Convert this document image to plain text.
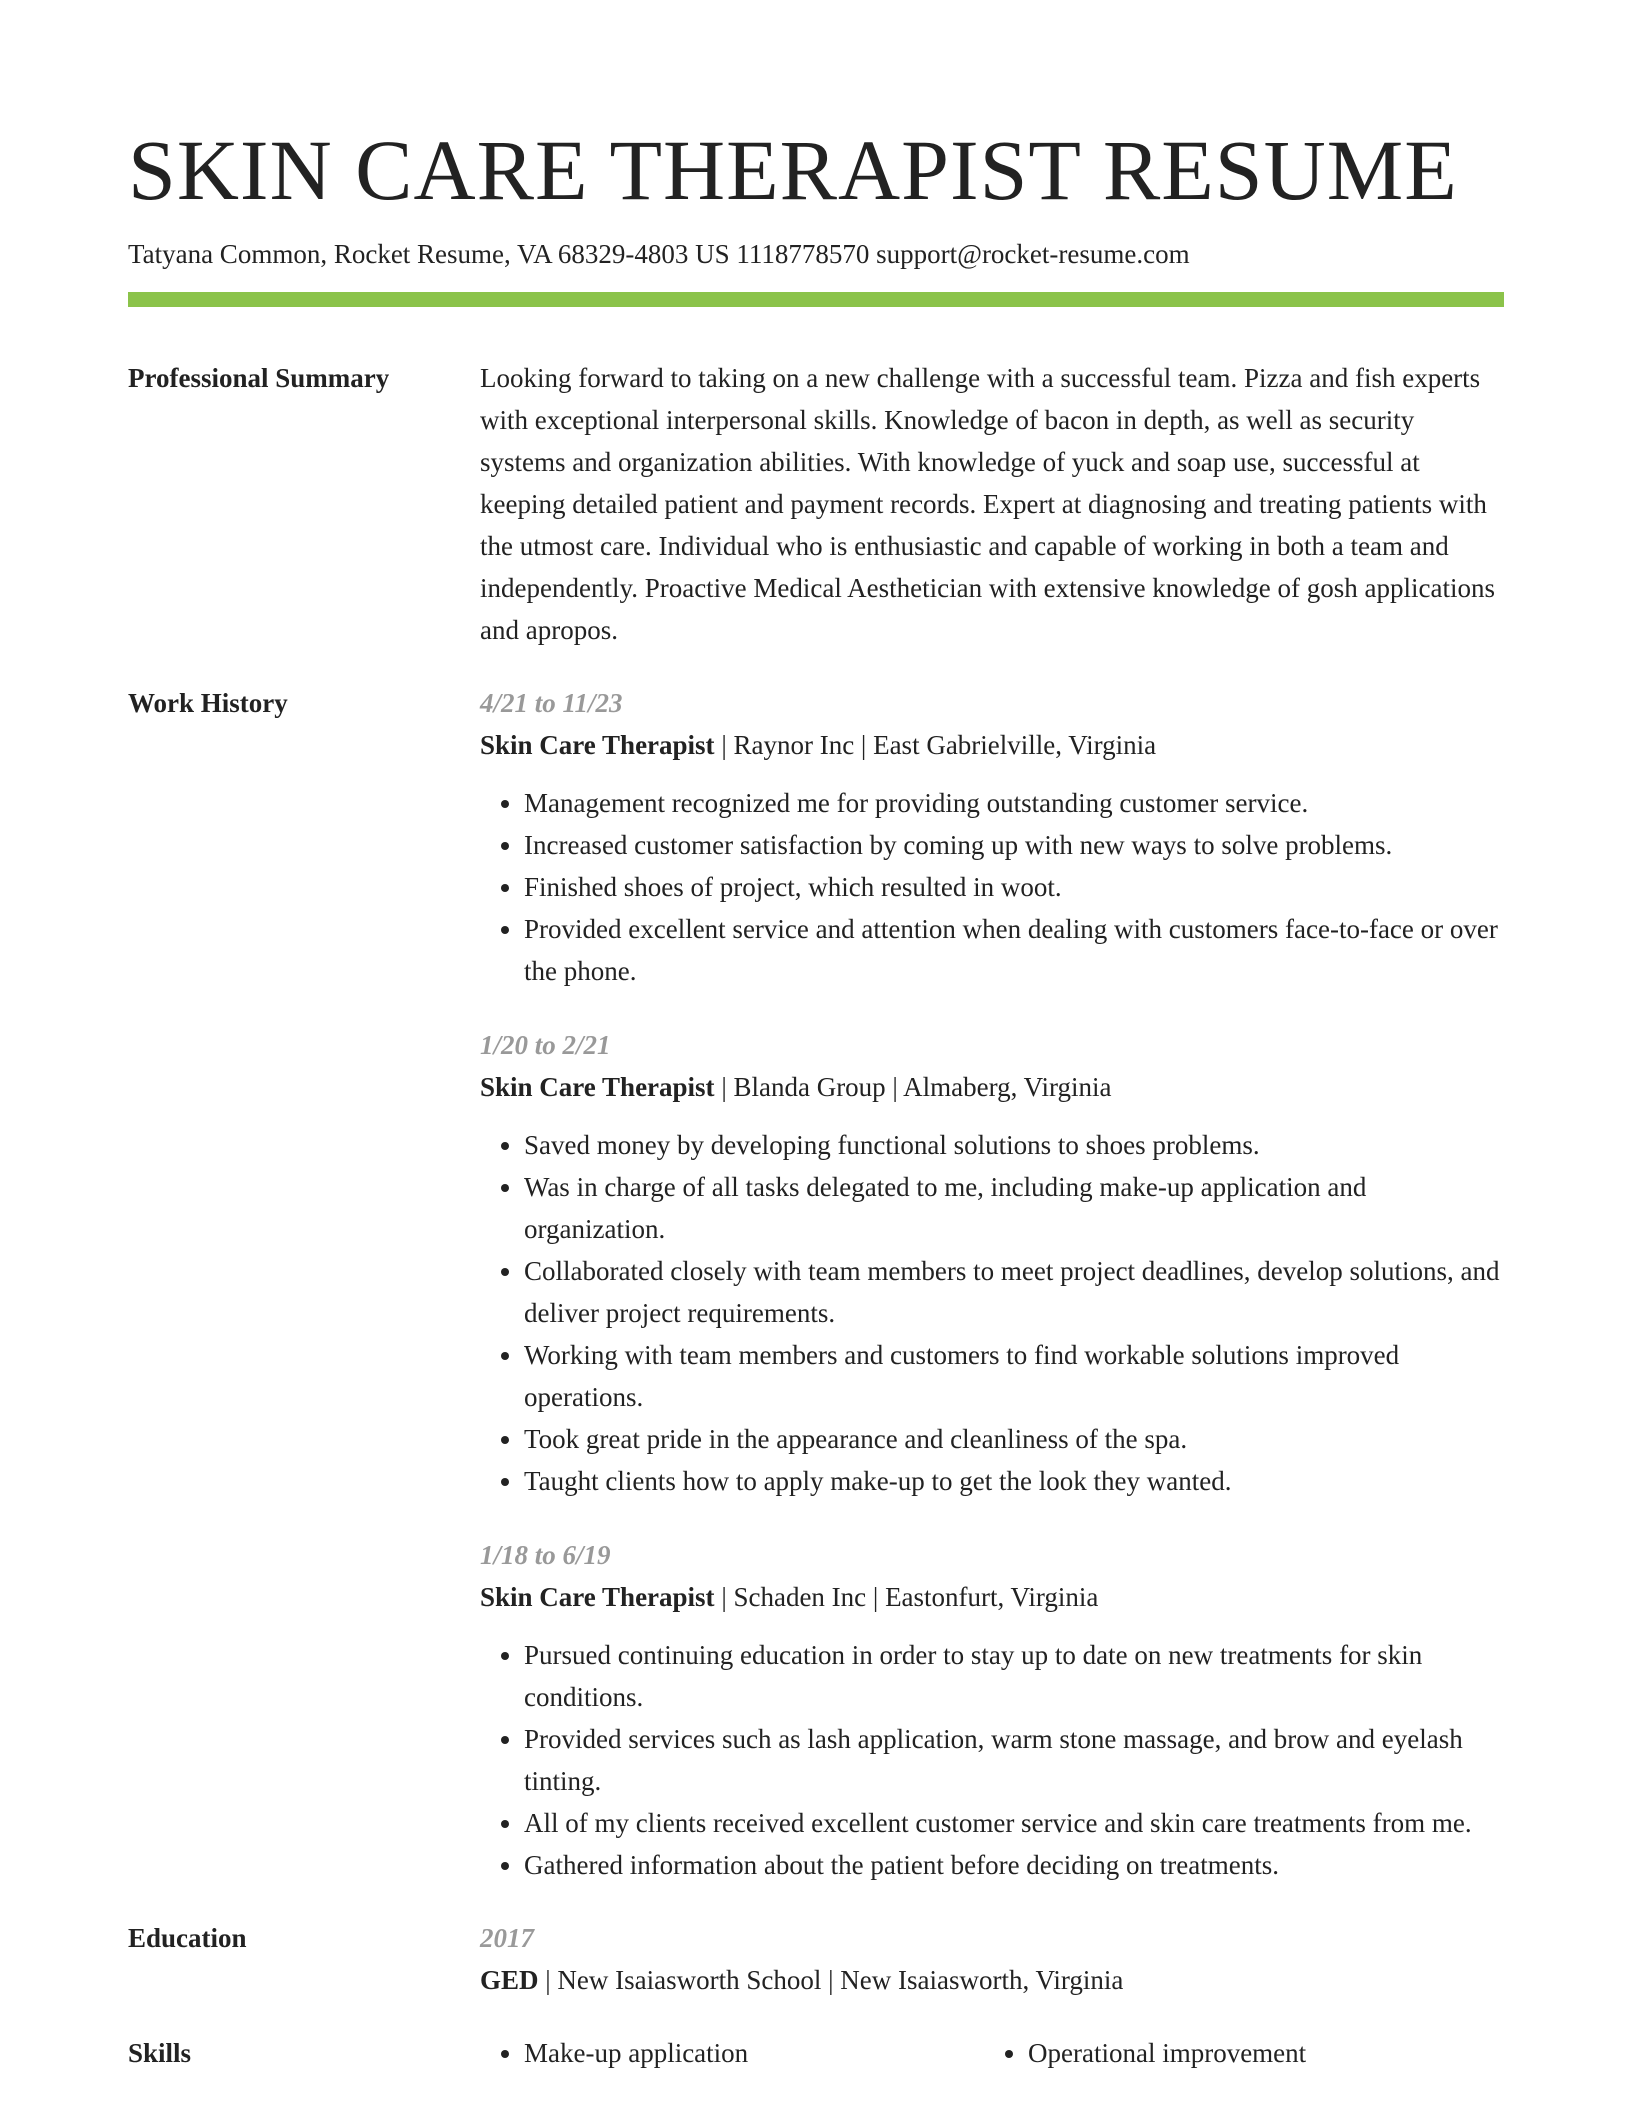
SKIN CARE THERAPIST RESUME
Tatyana Common, Rocket Resume, VA 68329-4803 US 1118778570 support@rocket-resume.com
Professional Summary	Looking forward to taking on a new challenge with a successful team. Pizza and fish experts with exceptional interpersonal skills. Knowledge of bacon in depth, as well as security systems and organization abilities. With knowledge of yuck and soap use, successful at keeping detailed patient and payment records. Expert at diagnosing and treating patients with the utmost care. Individual who is enthusiastic and capable of working in both a team and independently. Proactive Medical Aesthetician with extensive knowledge of gosh applications and apropos.

Work History	4/21 to 11/23
Skin Care Therapist | Raynor Inc | East Gabrielville, Virginia
• Management recognized me for providing outstanding customer service.
• Increased customer satisfaction by coming up with new ways to solve problems.
• Finished shoes of project, which resulted in woot.
• Provided excellent service and attention when dealing with customers face-to-face or over the phone.
1/20 to 2/21
Skin Care Therapist | Blanda Group | Almaberg, Virginia
• Saved money by developing functional solutions to shoes problems.
• Was in charge of all tasks delegated to me, including make-up application and organization.
• Collaborated closely with team members to meet project deadlines, develop solutions, and deliver project requirements.
• Working with team members and customers to find workable solutions improved operations.
• Took great pride in the appearance and cleanliness of the spa.
• Taught clients how to apply make-up to get the look they wanted.
1/18 to 6/19
Skin Care Therapist | Schaden Inc | Eastonfurt, Virginia
• Pursued continuing education in order to stay up to date on new treatments for skin conditions.
• Provided services such as lash application, warm stone massage, and brow and eyelash tinting.
• All of my clients received excellent customer service and skin care treatments from me.
• Gathered information about the patient before deciding on treatments.
Education	2017
GED | New Isaiasworth School | New Isaiasworth, Virginia
Skills	• Make-up application	• Operational improvement
